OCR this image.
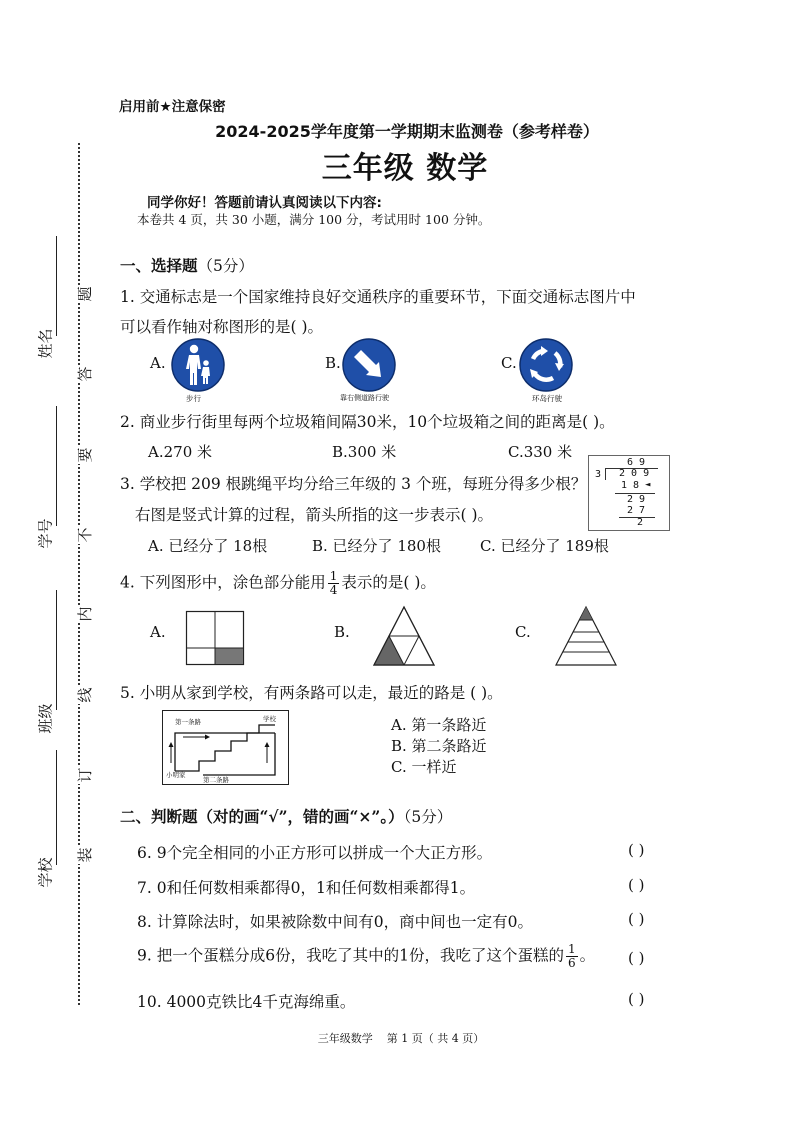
姓名
学号
班级
学校
题
答
要
不
内
线
订
装
启用前★注意保密
2024-2025学年度第一学期期末监测卷（参考样卷）
三年级 数学
同学你好！答题前请认真阅读以下内容:
本卷共 4 页，共 30 小题，满分 100 分，考试用时 100 分钟。
一、选择题（5分）
1. 交通标志是一个国家维持良好交通秩序的重要环节，下面交通标志图片中
可以看作轴对称图形的是( )。
A.
步行
B.
靠右侧道路行驶
C.
环岛行驶
2. 商业步行街里每两个垃圾箱间隔30米，10个垃圾箱之间的距离是( )。
A.270 米	B.300 米	C.330 米
3. 学校把 209 根跳绳平均分给三年级的 3 个班，每班分得多少根？
右图是竖式计算的过程，箭头所指的这一步表示( )。
6 9
3 2 0 9
1 8 ◄
2 9
2 7
2
A. 已经分了 18根	B. 已经分了 180根	C. 已经分了 189根
4. 下列图形中，涂色部分能用 $\frac{1}{4}$ 表示的是( )。
A.	B.	C.
5. 小明从家到学校，有两条路可以走，最近的路是 ( )。
第一条路	学校
小明家
第二条路
A. 第一条路近
B. 第二条路近
C. 一样近
二、判断题（对的画“√”，错的画“×”。）（5分）
6. 9个完全相同的小正方形可以拼成一个大正方形。	( )
7. 0和任何数相乘都得0，1和任何数相乘都得1。	( )
8. 计算除法时，如果被除数中间有0，商中间也一定有0。	( )
9. 把一个蛋糕分成6份，我吃了其中的1份，我吃了这个蛋糕的 $\frac{1}{6}$ 。 ( )
10. 4000克铁比4千克海绵重。	( )
三年级数学    第 1 页（ 共 4 页）
